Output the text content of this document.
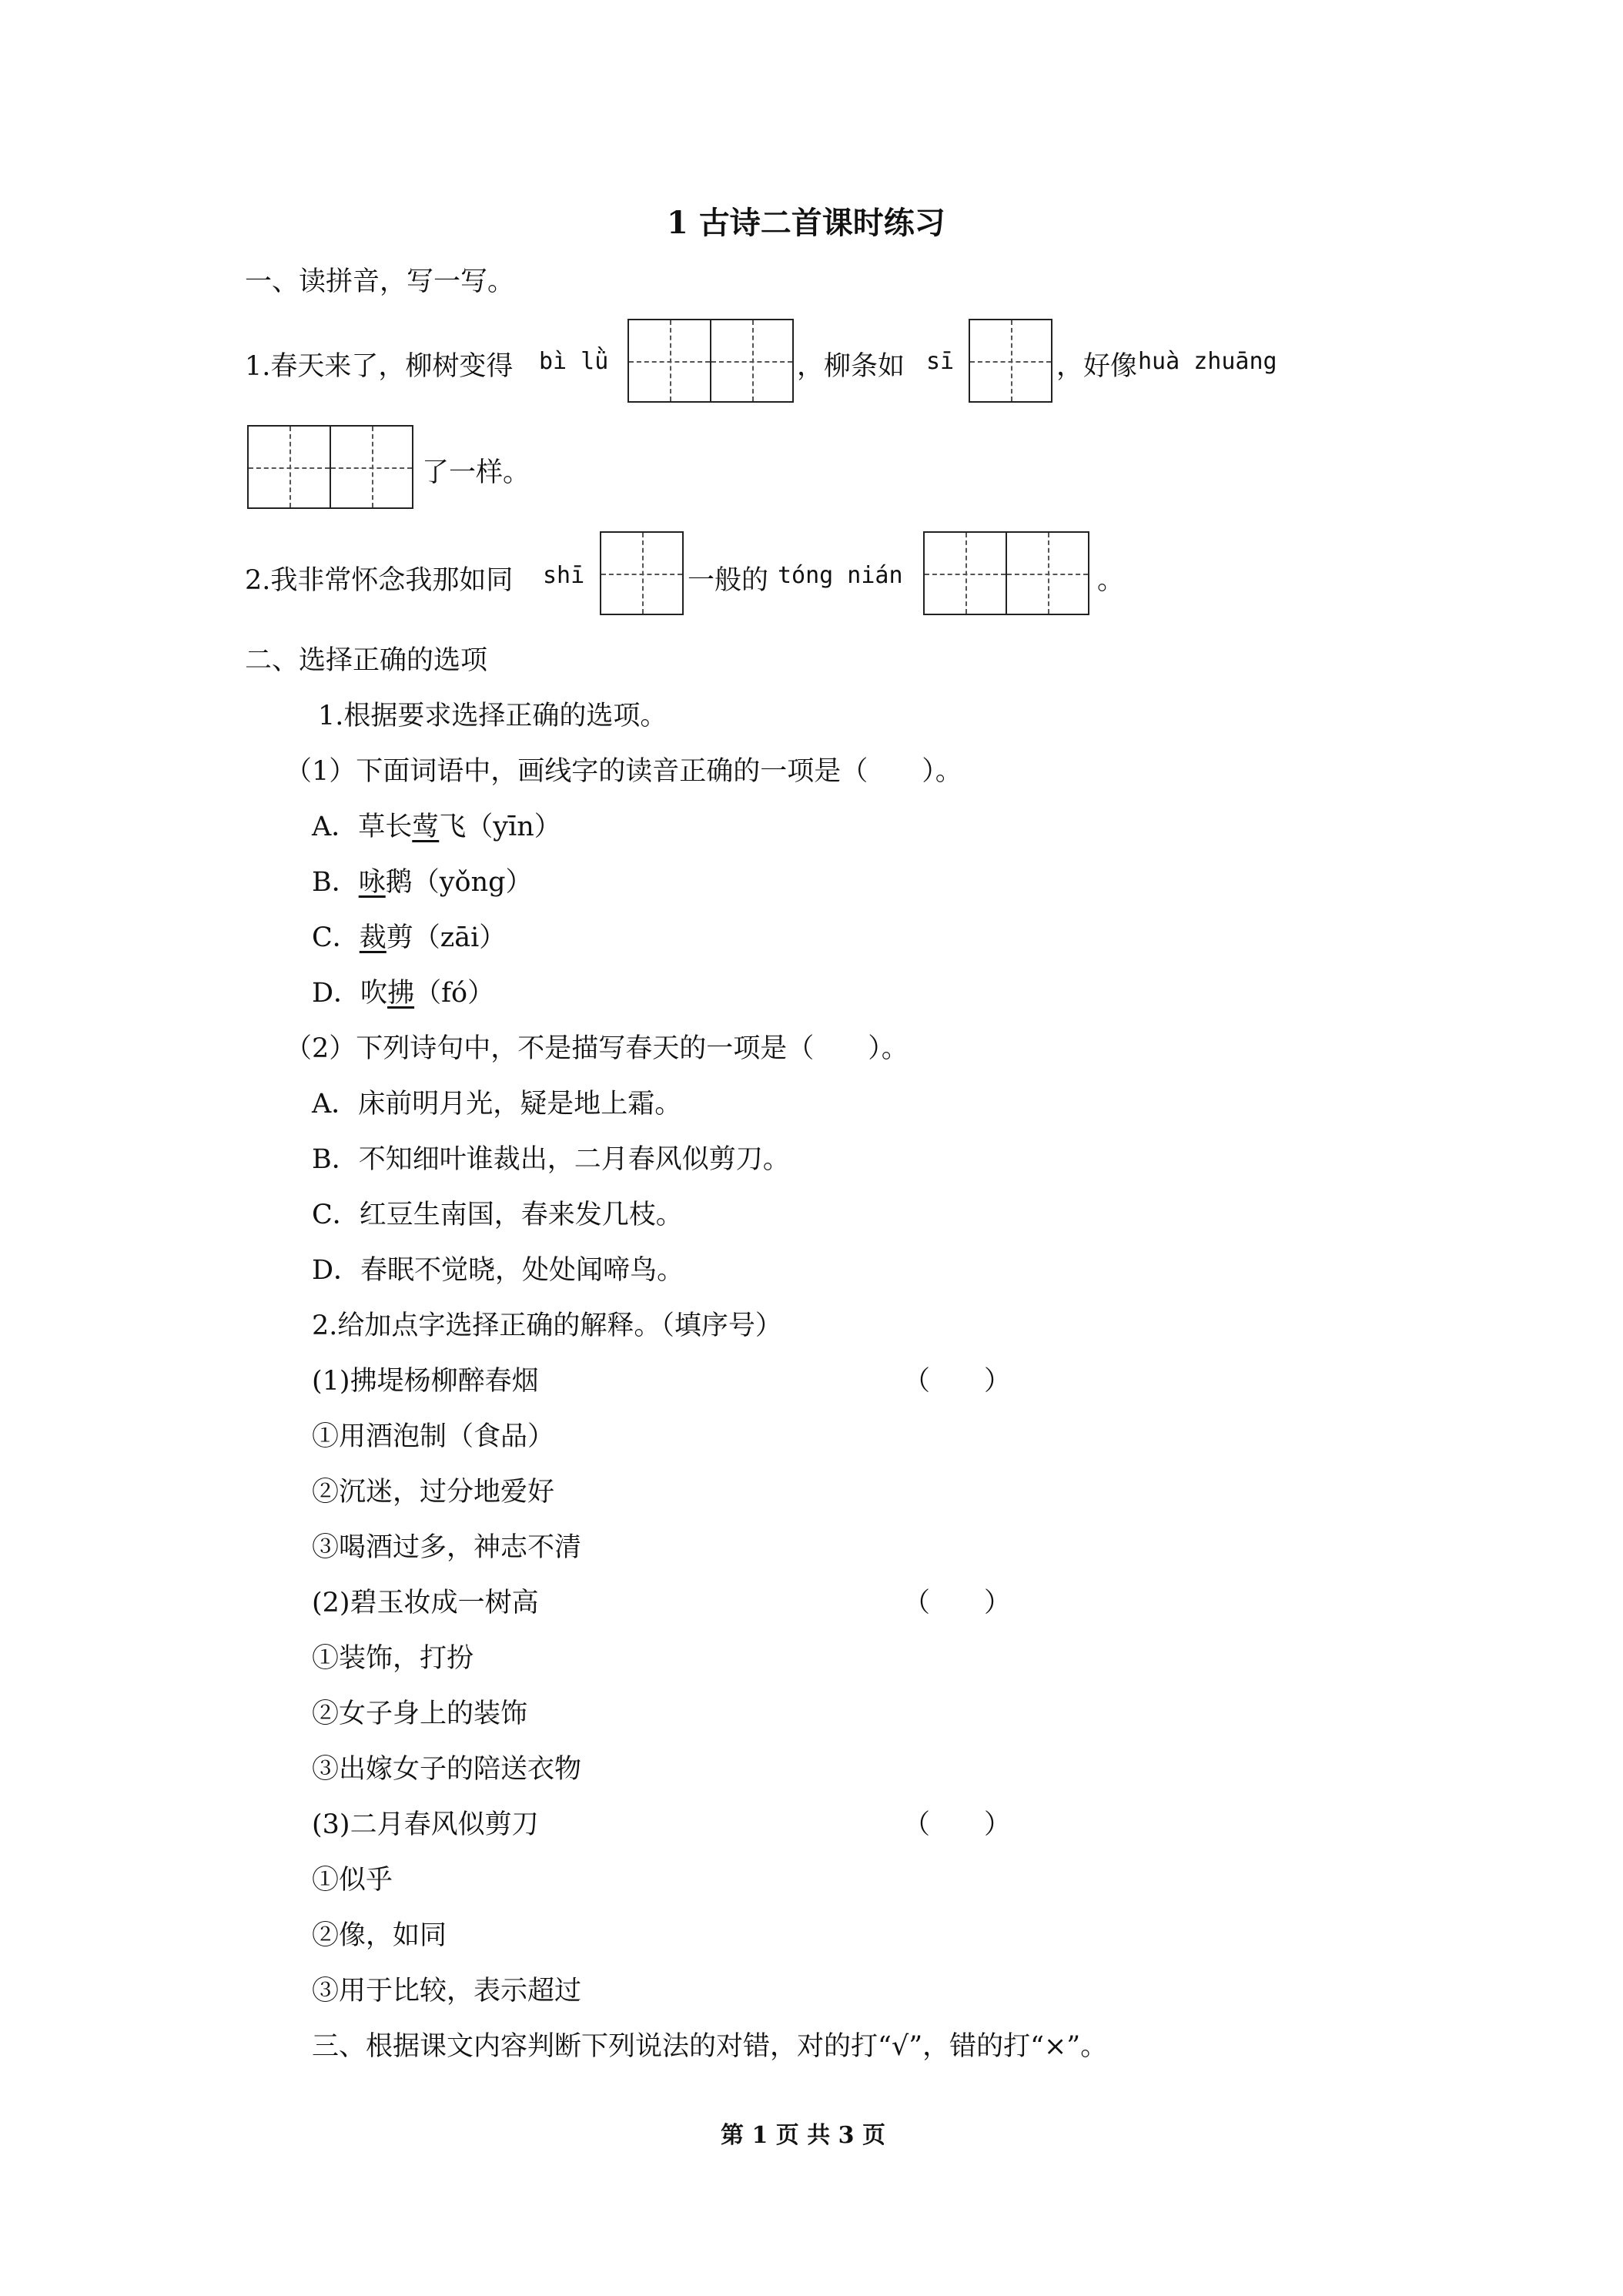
1 古诗二首课时练习
一、读拼音，写一写。
1.春天来了，柳树变得 bì lǜ	，柳条如 sī	，好像 huà zhuāng
了一样。
2.我非常怀念我那如同 shī	一般的 tóng nián	。
二、选择正确的选项
1.根据要求选择正确的选项。
（1）下面词语中，画线字的读音正确的一项是（　　）。
A．草长莺飞（yīn）
B．咏鹅（yǒng）
C．裁剪（zāi）
D．吹拂（fó）
（2）下列诗句中，不是描写春天的一项是（　　）。
A．床前明月光，疑是地上霜。
B．不知细叶谁裁出，二月春风似剪刀。
C．红豆生南国，春来发几枝。
D．春眠不觉晓，处处闻啼鸟。
2.给加点字选择正确的解释。（填序号）
(1)拂堤杨柳醉春烟	（　　）
①用酒泡制（食品）
②沉迷，过分地爱好
③喝酒过多，神志不清
(2)碧玉妆成一树高	（　　）
①装饰，打扮
②女子身上的装饰
③出嫁女子的陪送衣物
(3)二月春风似剪刀	（　　）
①似乎
②像，如同
③用于比较，表示超过
三、根据课文内容判断下列说法的对错，对的打“√”，错的打“×”。
第 1 页 共 3 页
